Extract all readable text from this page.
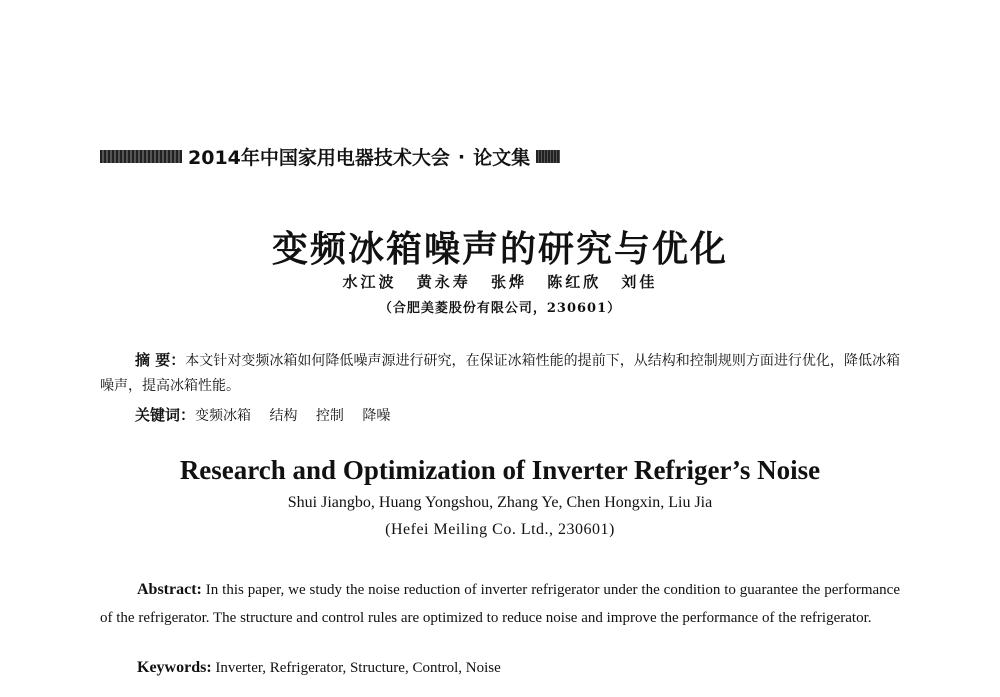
2014年中国家用电器技术大会 · 论文集
变频冰箱噪声的研究与优化
水江波 黄永寿 张烨 陈红欣 刘佳
（合肥美菱股份有限公司，230601）
摘 要：本文针对变频冰箱如何降低噪声源进行研究，在保证冰箱性能的提前下，从结构和控制规则方面进行优化，降低冰箱噪声，提高冰箱性能。
关键词：变频冰箱 结构 控制 降噪
Research and Optimization of Inverter Refriger’s Noise
Shui Jiangbo, Huang Yongshou, Zhang Ye, Chen Hongxin, Liu Jia
(Hefei Meiling Co. Ltd., 230601)
Abstract: In this paper, we study the noise reduction of inverter refrigerator under the condition to guarantee the performance of the refrigerator. The structure and control rules are optimized to reduce noise and improve the performance of the refrigerator.
Keywords: Inverter, Refrigerator, Structure, Control, Noise
